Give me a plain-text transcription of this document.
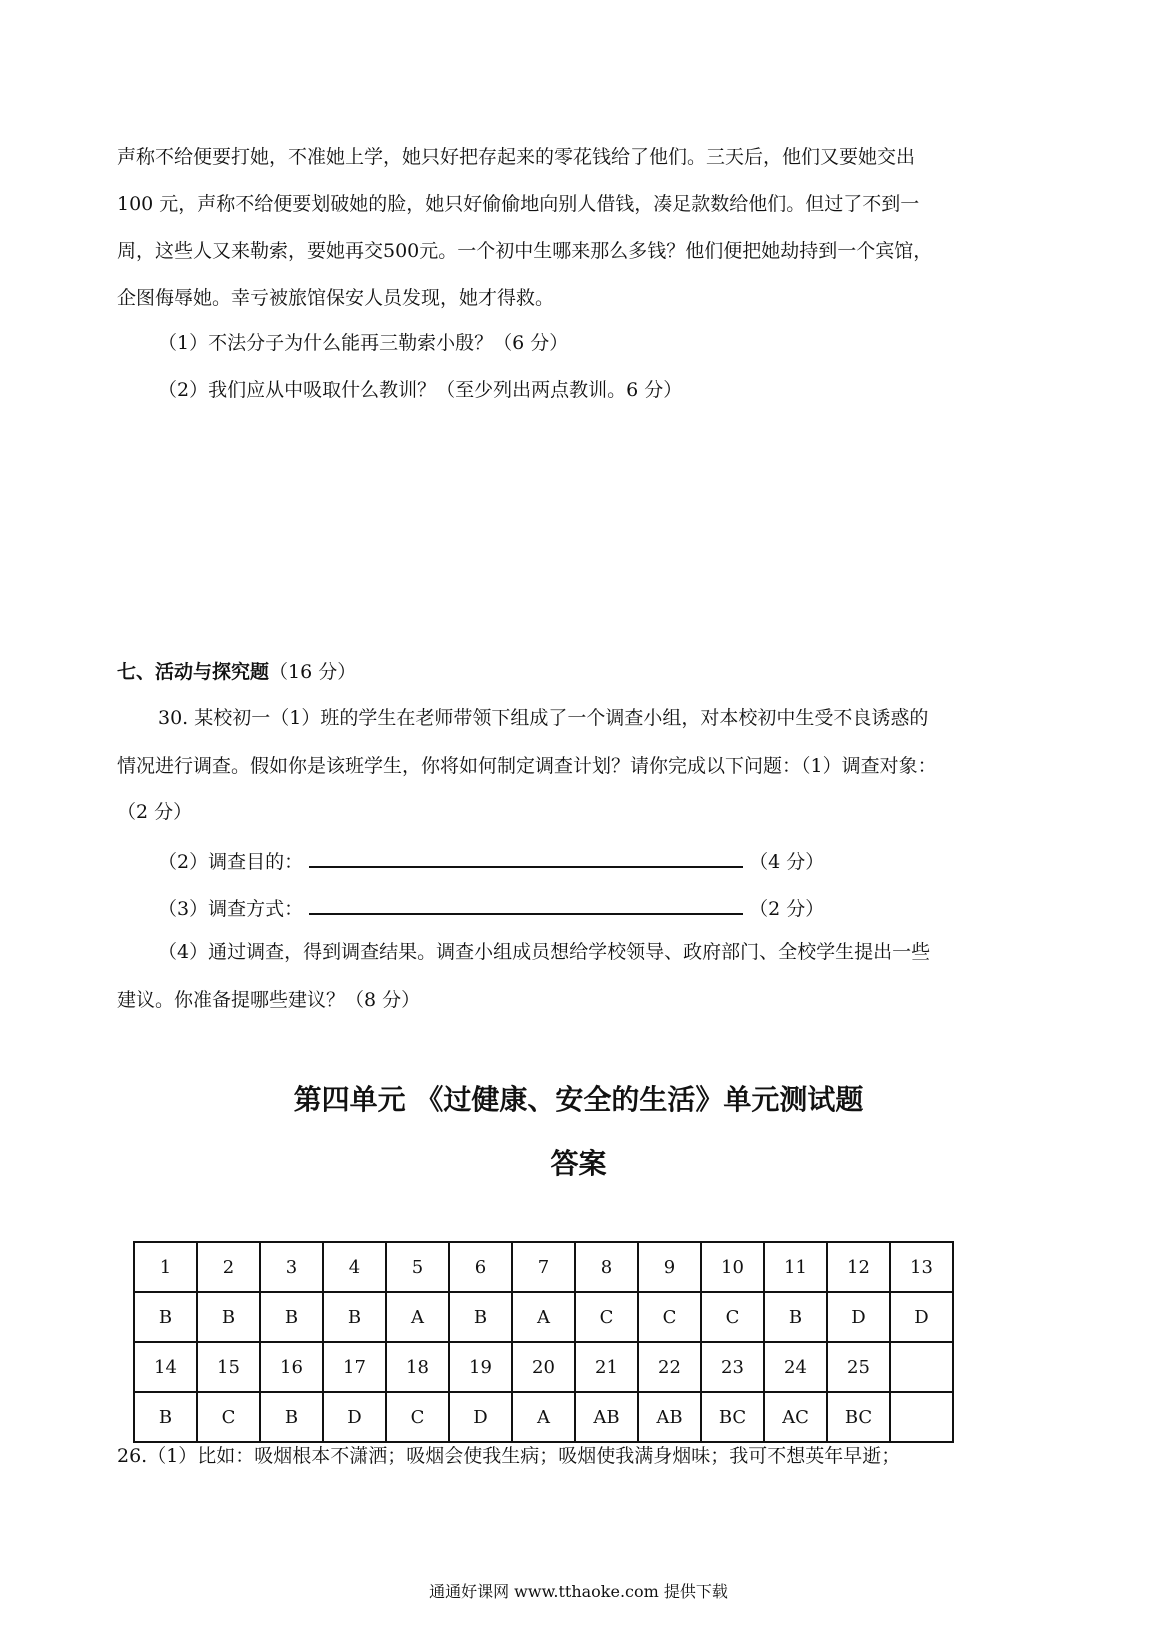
声称不给便要打她，不准她上学，她只好把存起来的零花钱给了他们。三天后，他们又要她交出
100 元，声称不给便要划破她的脸，她只好偷偷地向别人借钱，凑足款数给他们。但过了不到一
周，这些人又来勒索，要她再交500元。一个初中生哪来那么多钱？他们便把她劫持到一个宾馆，
企图侮辱她。幸亏被旅馆保安人员发现，她才得救。
（1）不法分子为什么能再三勒索小殷？（6 分）
（2）我们应从中吸取什么教训？（至少列出两点教训。6 分）
七、活动与探究题（16 分）
30. 某校初一（1）班的学生在老师带领下组成了一个调查小组，对本校初中生受不良诱惑的
情况进行调查。假如你是该班学生，你将如何制定调查计划？请你完成以下问题：（1）调查对象：
（2 分）
（2）调查目的：	（4 分）
（3）调查方式：	（2 分）
（4）通过调查，得到调查结果。调查小组成员想给学校领导、政府部门、全校学生提出一些
建议。你准备提哪些建议？（8 分）
第四单元 《过健康、安全的生活》单元测试题
答案
1	2	3	4	5	6	7	8	9	10	11	12	13
B	B	B	B	A	B	A	C	C	C	B	D	D
14	15	16	17	18	19	20	21	22	23	24	25	
B	C	B	D	C	D	A	AB	AB	BC	AC	BC	
26.（1）比如：吸烟根本不潇洒；吸烟会使我生病；吸烟使我满身烟味；我可不想英年早逝；
通通好课网 www.tthaoke.com 提供下载
